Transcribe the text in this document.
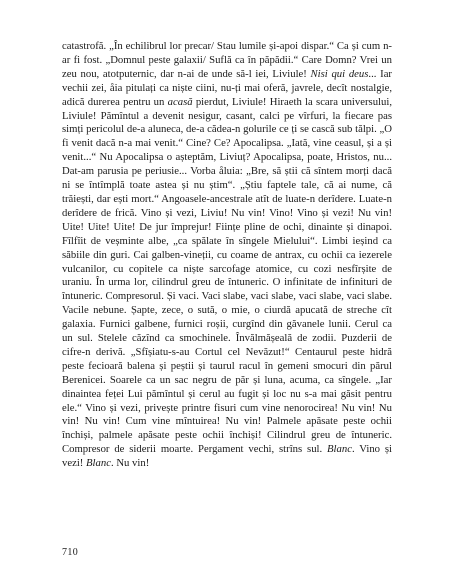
catastrofă. „În echilibrul lor precar/ Stau lumile și-apoi dispar.“ Ca și cum n-ar fi fost. „Domnul peste galaxii/ Suflă ca în păpădii.“ Care Domn? Vrei un zeu nou, atotputernic, dar n-ai de unde să-l iei, Liviule! Nisi qui deus... Iar vechii zei, åia pitulați ca niște ciini, nu-ți mai oferă, javrele, decît nostalgie, adică durerea pentru un acasă pierdut, Liviule! Hiraeth la scara universului, Liviule! Pămîntul a devenit nesigur, casant, calci pe vîrfuri, la fiecare pas simți pericolul de-a aluneca, de-a cădea-n golurile ce ți se cască sub tălpi. „O fi venit dacă n-a mai venit.“ Cine? Ce? Apocalipsa. „Iată, vine ceasul, și a și venit...“ Nu Apocalipsa o așteptăm, Liviuț? Apocalipsa, poate, Hristos, nu... Dat-am parusia pe periusie... Vorba åluia: „Bre, să știi că sîntem morți dacă ni se întîmplă toate astea și nu știm“. „Știu faptele tale, că ai nume, că trăiești, dar ești mort.“ Angoasele-ancestrale atît de luate-n derîdere. Luate-n derîdere de frică. Vino și vezi, Liviu! Nu vin! Vino! Vino și vezi! Nu vin! Uite! Uite! Uite! De jur împrejur! Ființe pline de ochi, dinainte și dinapoi. Fîlfîit de veșminte albe, „ca spălate în sîngele Mielului“. Limbi ieșind ca săbiile din guri. Cai galben-vineții, cu coame de antrax, cu ochii ca iezerele vulcanilor, cu copitele ca niște sarcofage atomice, cu cozi nesfîrșite de uraniu. În urma lor, cilindrul greu de întuneric. O infinitate de infinituri de întuneric. Compresorul. Și vaci. Vaci slabe, vaci slabe, vaci slabe, vaci slabe. Vacile nebune. Șapte, zece, o sută, o mie, o ciurdă apucată de streche cît galaxia. Furnici galbene, furnici roșii, curgînd din găvanele lunii. Cerul ca un sul. Stelele căzînd ca smochinele. Învălmășeală de zodii. Puzderii de cifre-n derivă. „Sfîșiatu-s-au Cortul cel Nevăzut!“ Centaurul peste hidră peste fecioară balena și peștii și taurul racul în gemeni smocuri din părul Berenicei. Soarele ca un sac negru de păr și luna, acuma, ca sîngele. „Iar dinaintea feței Lui pămîntul și cerul au fugit și loc nu s-a mai găsit pentru ele.“ Vino și vezi, privește printre fisuri cum vine nenorocirea! Nu vin! Nu vin! Nu vin! Cum vine mîntuirea! Nu vin! Palmele apăsate peste ochii închiși, palmele apăsate peste ochii închiși! Cilindrul greu de întuneric. Compresor de siderii moarte. Pergament vechi, strîns sul. Blanc. Vino și vezi! Blanc. Nu vin!

710
